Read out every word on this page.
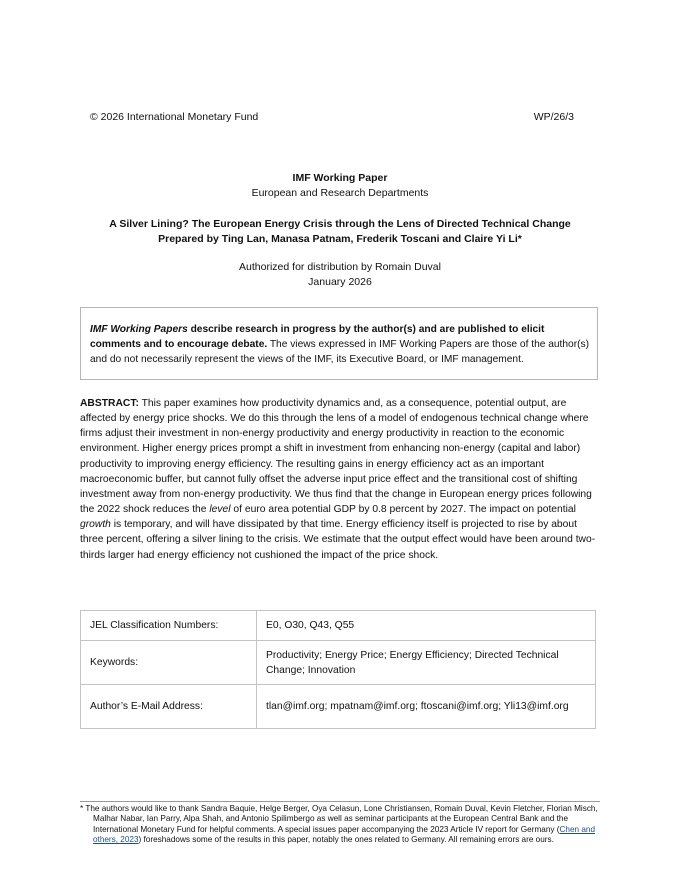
© 2026 International Monetary Fund	WP/26/3
IMF Working Paper
European and Research Departments
A Silver Lining? The European Energy Crisis through the Lens of Directed Technical Change
Prepared by Ting Lan, Manasa Patnam, Frederik Toscani and Claire Yi Li*
Authorized for distribution by Romain Duval
January 2026
IMF Working Papers describe research in progress by the author(s) and are published to elicit comments and to encourage debate. The views expressed in IMF Working Papers are those of the author(s) and do not necessarily represent the views of the IMF, its Executive Board, or IMF management.
ABSTRACT: This paper examines how productivity dynamics and, as a consequence, potential output, are affected by energy price shocks. We do this through the lens of a model of endogenous technical change where firms adjust their investment in non-energy productivity and energy productivity in reaction to the economic environment. Higher energy prices prompt a shift in investment from enhancing non-energy (capital and labor) productivity to improving energy efficiency. The resulting gains in energy efficiency act as an important macroeconomic buffer, but cannot fully offset the adverse input price effect and the transitional cost of shifting investment away from non-energy productivity. We thus find that the change in European energy prices following the 2022 shock reduces the level of euro area potential GDP by 0.8 percent by 2027. The impact on potential growth is temporary, and will have dissipated by that time. Energy efficiency itself is projected to rise by about three percent, offering a silver lining to the crisis. We estimate that the output effect would have been around two-thirds larger had energy efficiency not cushioned the impact of the price shock.
JEL Classification Numbers:	E0, O30, Q43, Q55
Keywords:	Productivity; Energy Price; Energy Efficiency; Directed Technical Change; Innovation
Author’s E-Mail Address:	tlan@imf.org; mpatnam@imf.org; ftoscani@imf.org; Yli13@imf.org
* The authors would like to thank Sandra Baquie, Helge Berger, Oya Celasun, Lone Christiansen, Romain Duval, Kevin Fletcher, Florian Misch, Malhar Nabar, Ian Parry, Alpa Shah, and Antonio Spilimbergo as well as seminar participants at the European Central Bank and the International Monetary Fund for helpful comments. A special issues paper accompanying the 2023 Article IV report for Germany (Chen and others, 2023) foreshadows some of the results in this paper, notably the ones related to Germany. All remaining errors are ours.
